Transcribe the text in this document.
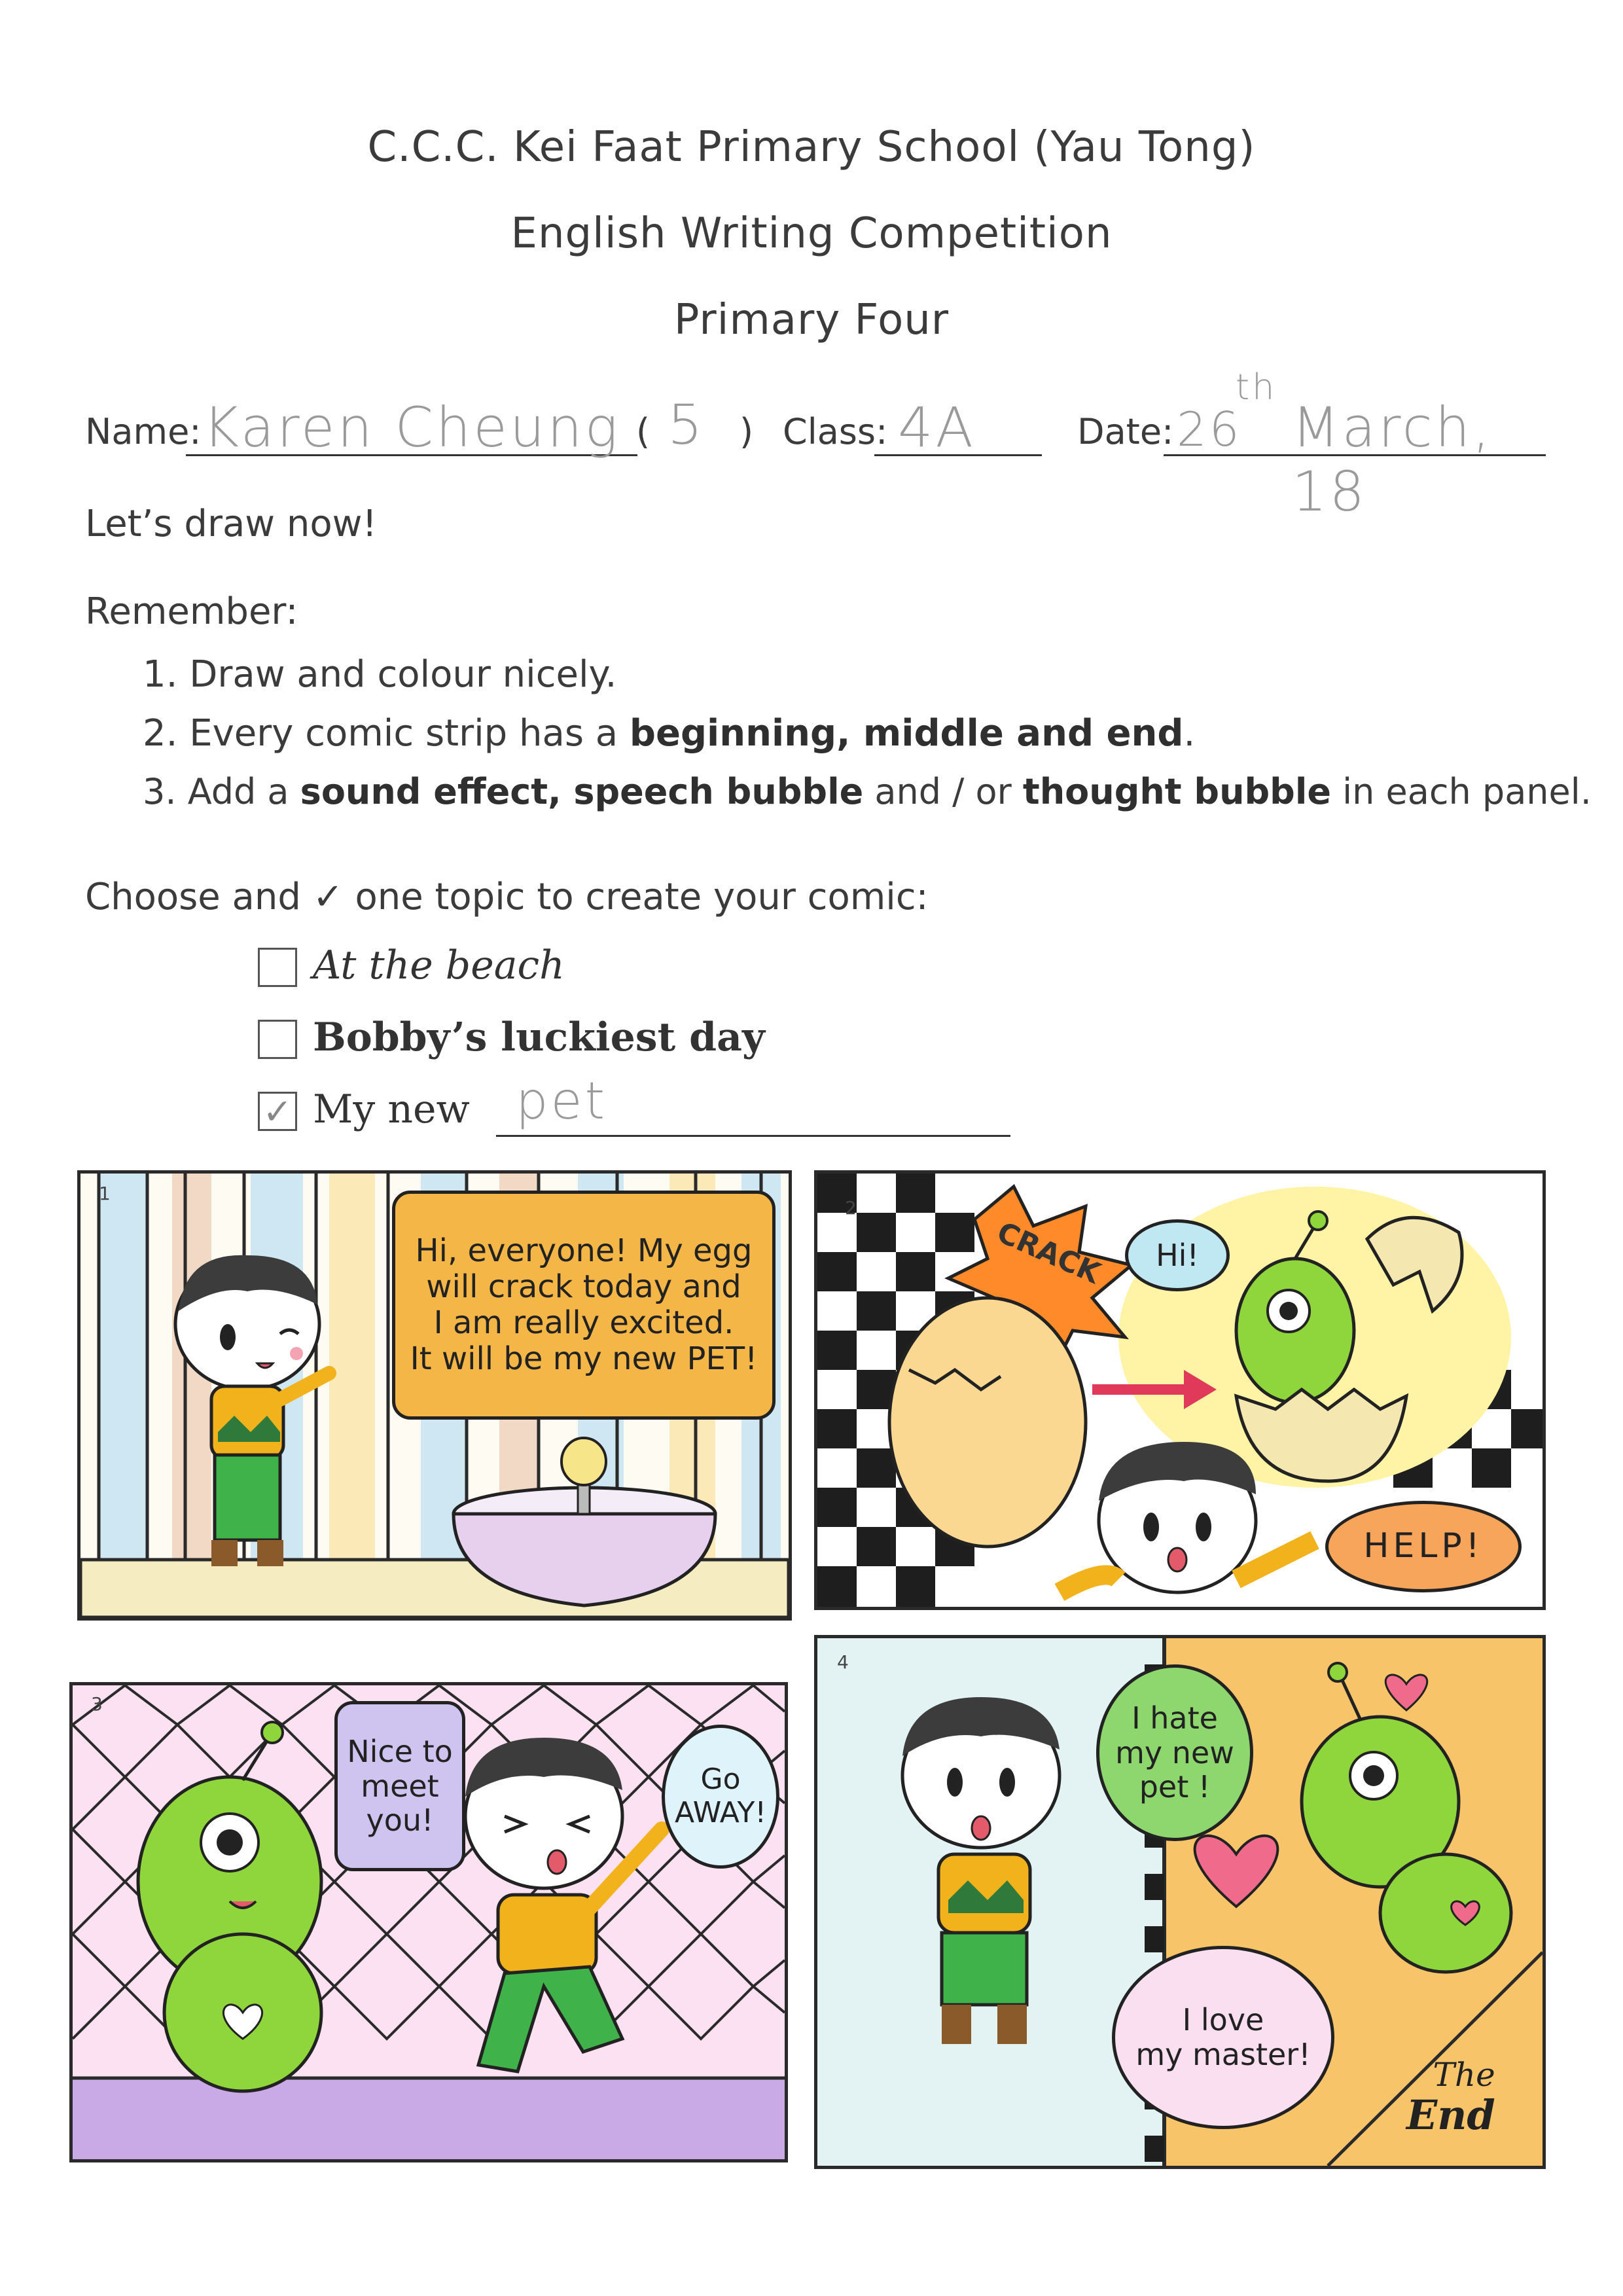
C.C.C. Kei Faat Primary School (Yau Tong)
English Writing Competition
Primary Four
Name: Karen Cheung ( 5 ) Class: 4A	Date: 26
th
March, 18
Let’s draw now!
Remember:
1. Draw and colour nicely.
2. Every comic strip has a beginning, middle and end.
3. Add a sound effect, speech bubble and / or thought bubble in each panel.
Choose and ✓ one topic to create your comic:
At the beach
Bobby’s luckiest day
✓ My new pet
1
Hi, everyone! My egg
will crack today and
I am really excited.
It will be my new PET!
2
CRACK	Hi!
HELP!
3
Nice to
meet
you!
Go
AWAY!
4
I hate
my new
pet !
I love
my master!
The
End
